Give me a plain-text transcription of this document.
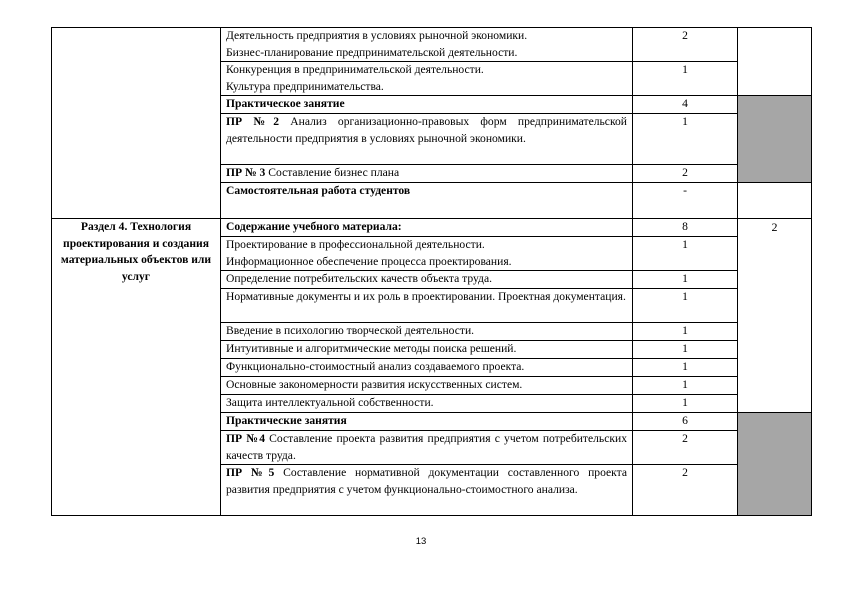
	Деятельность предприятия в условиях рыночной экономики.
Бизнес-планирование предпринимательской деятельности.	2	
	Конкуренция в предпринимательской деятельности.
Культура предпринимательства.	1	
	Практическое занятие	4	
	ПР №2 Анализ организационно-правовых форм предпринимательской деятельности предприятия в условиях рыночной экономики.	1	
	ПР № 3 Составление бизнес плана	2	
	Самостоятельная работа студентов	-	
Раздел 4. Технология проектирования и создания материальных объектов или услуг	Содержание учебного материала:	8	2
	Проектирование в профессиональной деятельности.
Информационное обеспечение процесса проектирования.	1	
	Определение потребительских качеств объекта труда.	1	
	Нормативные документы и их роль в проектировании. Проектная документация.	1	
	Введение в психологию творческой деятельности.	1	
	Интуитивные и алгоритмические методы поиска решений.	1	
	Функционально-стоимостный анализ создаваемого проекта.	1	
	Основные закономерности развития искусственных систем.	1	
	Защита интеллектуальной собственности.	1	
	Практические занятия	6	
	ПР №4 Составление проекта развития предприятия с учетом потребительских качеств труда.	2	
	ПР №5 Составление нормативной документации составленного проекта развития предприятия с учетом функционально-стоимостного анализа.	2	
13
